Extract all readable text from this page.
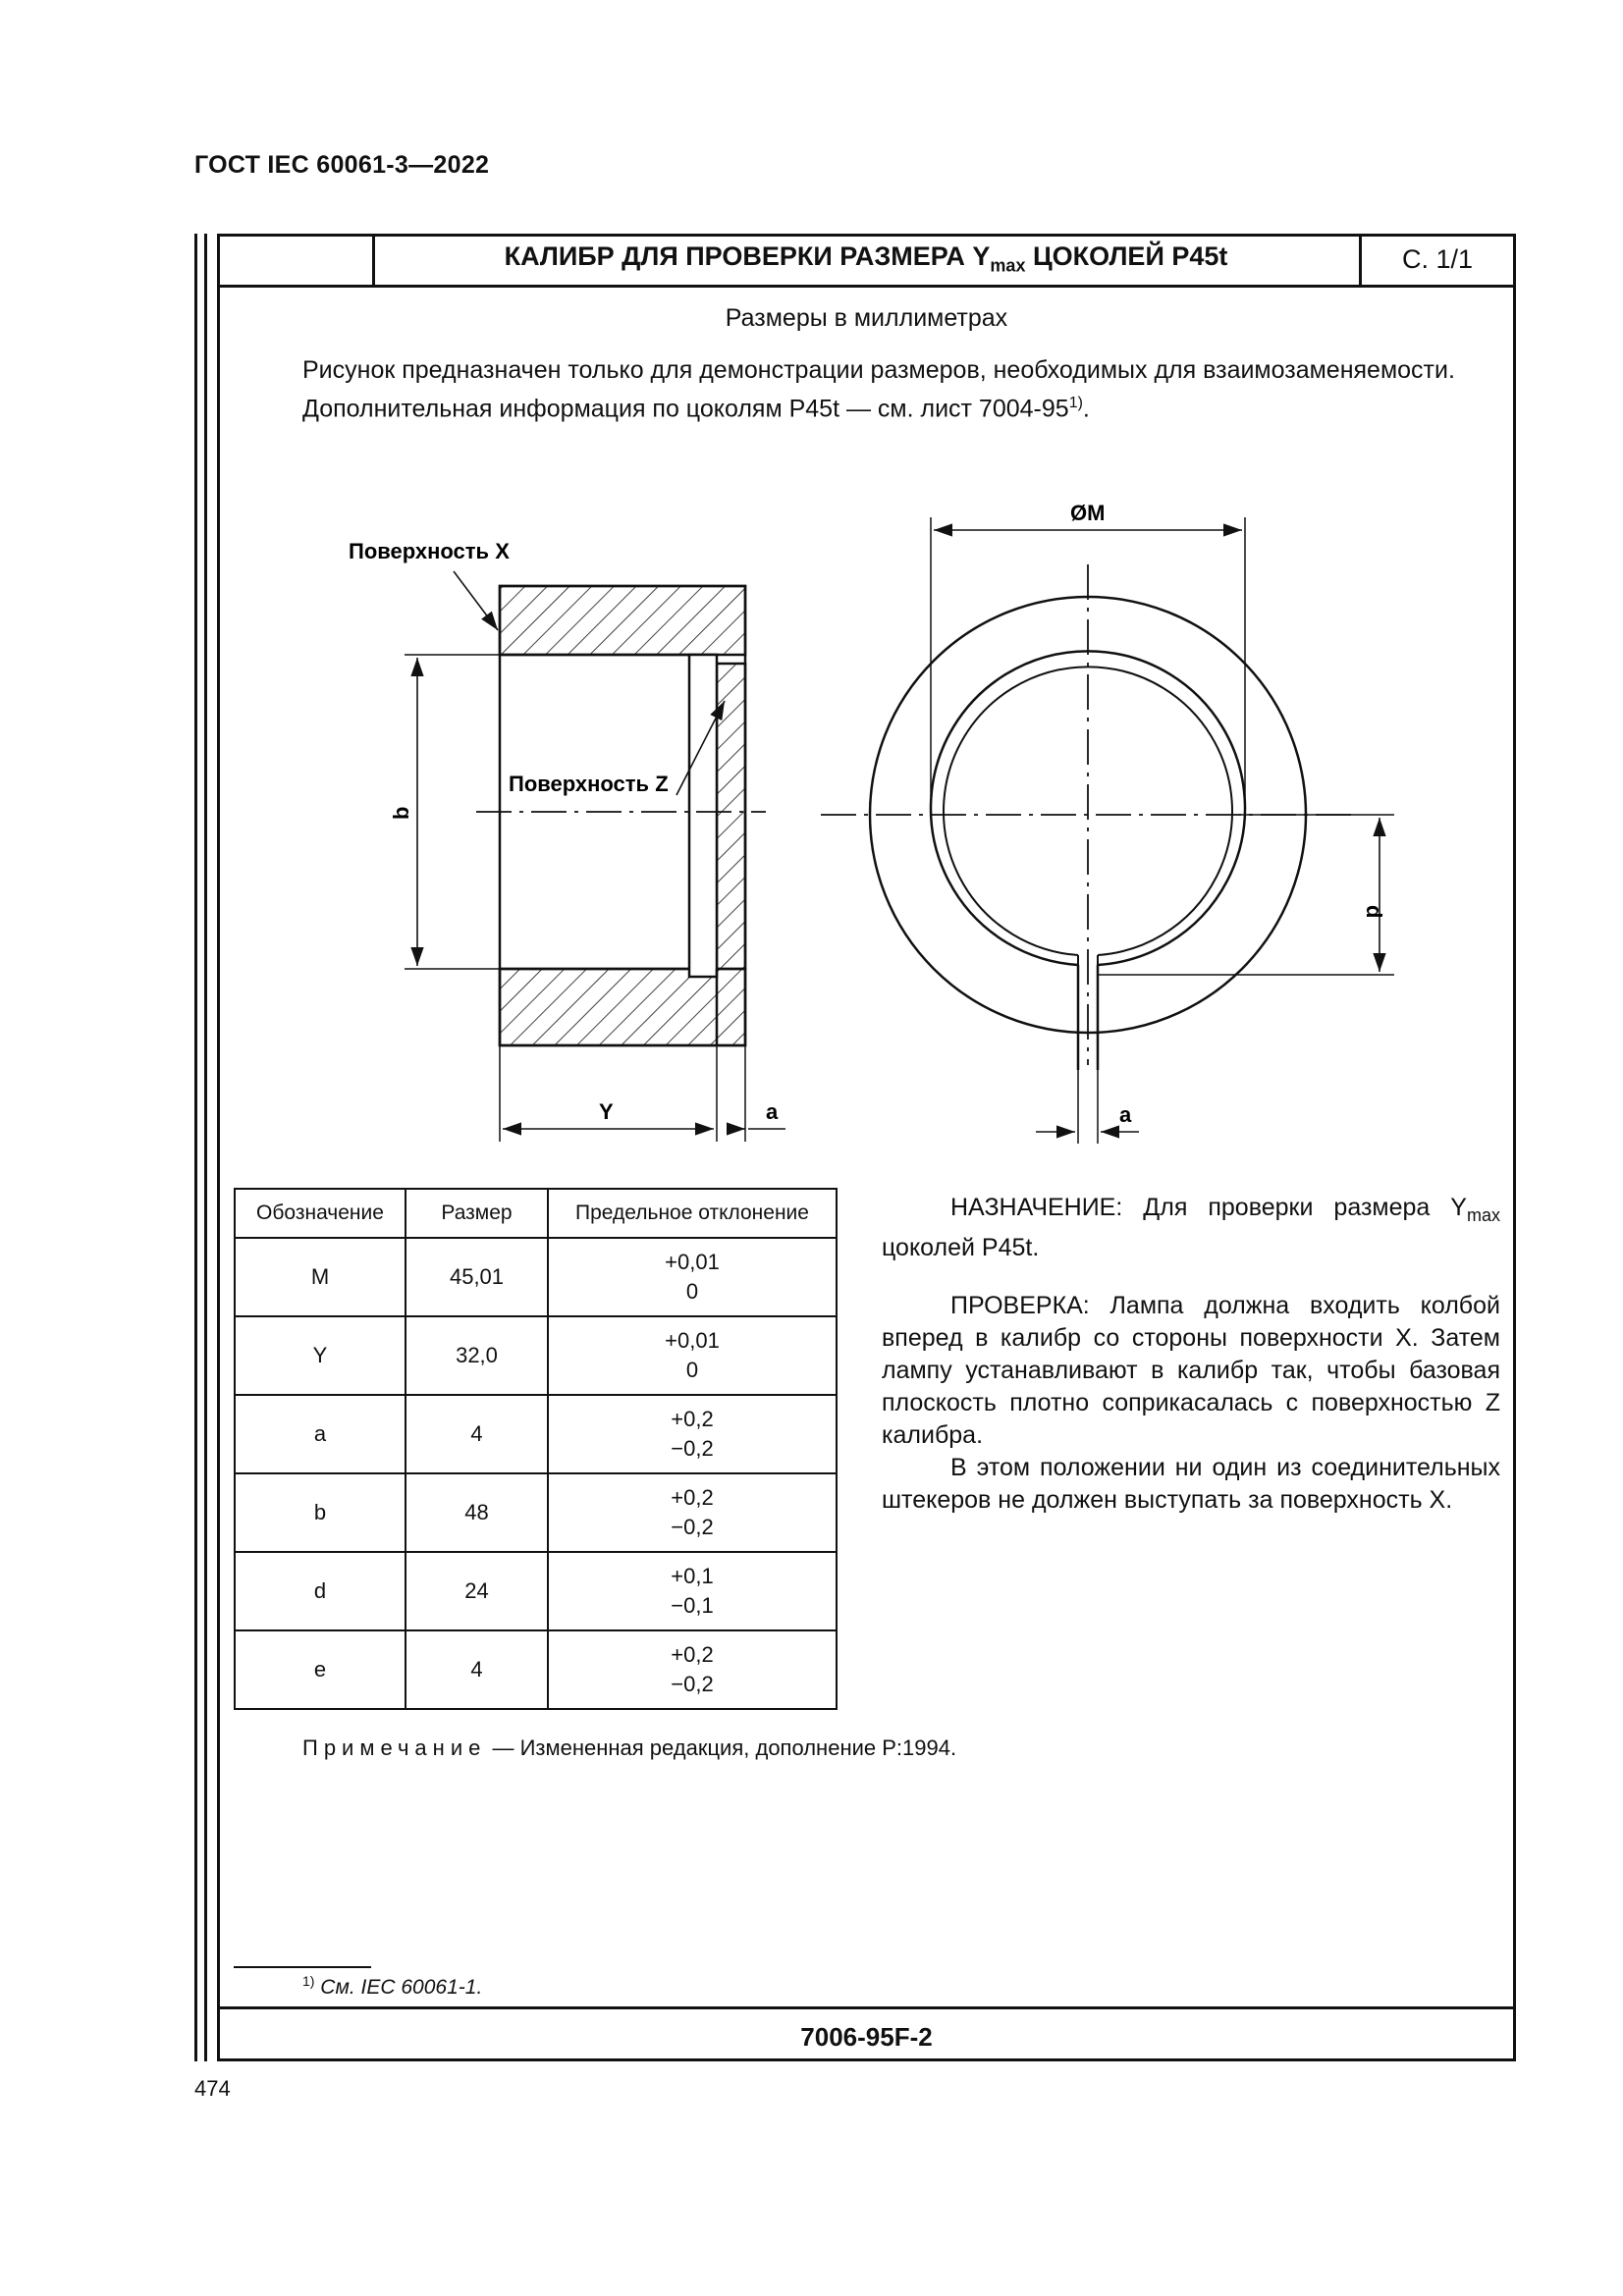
ГОСТ IEC 60061-3—2022
КАЛИБР ДЛЯ ПРОВЕРКИ РАЗМЕРА $Y_{max}$ ЦОКОЛЕЙ P45t	С. 1/1
Размеры в миллиметрах

Рисунок предназначен только для демонстрации размеров, необходимых для взаимозаменяемости.

Дополнительная информация по цоколям P45t — см. лист 7004-95$^{1)}$.

Поверхность X
Поверхность Z
b
Y	a
ØM
d
a
Обозначение	Размер	Предельное отклонение
M	45,01	+0,01
0

Y	32,0	+0,01
0

a	4	+0,2
−0,2

b	48	+0,2
−0,2

d	24	+0,1
−0,1

e	4	+0,2
−0,2

НАЗНАЧЕНИЕ: Для проверки размера $Y_{max}$ цоколей P45t.

ПРОВЕРКА: Лампа должна входить колбой вперед в калибр со стороны поверхности X. Затем лампу устанавливают в калибр так, чтобы базовая плоскость плотно соприкасалась с поверхностью Z калибра.

В этом положении ни один из соединительных штекеров не должен выступать за поверхность X.

Примечание — Измененная редакция, дополнение P:1994.
$^{1)}$ См. IEC 60061-1.
7006-95F-2
474
